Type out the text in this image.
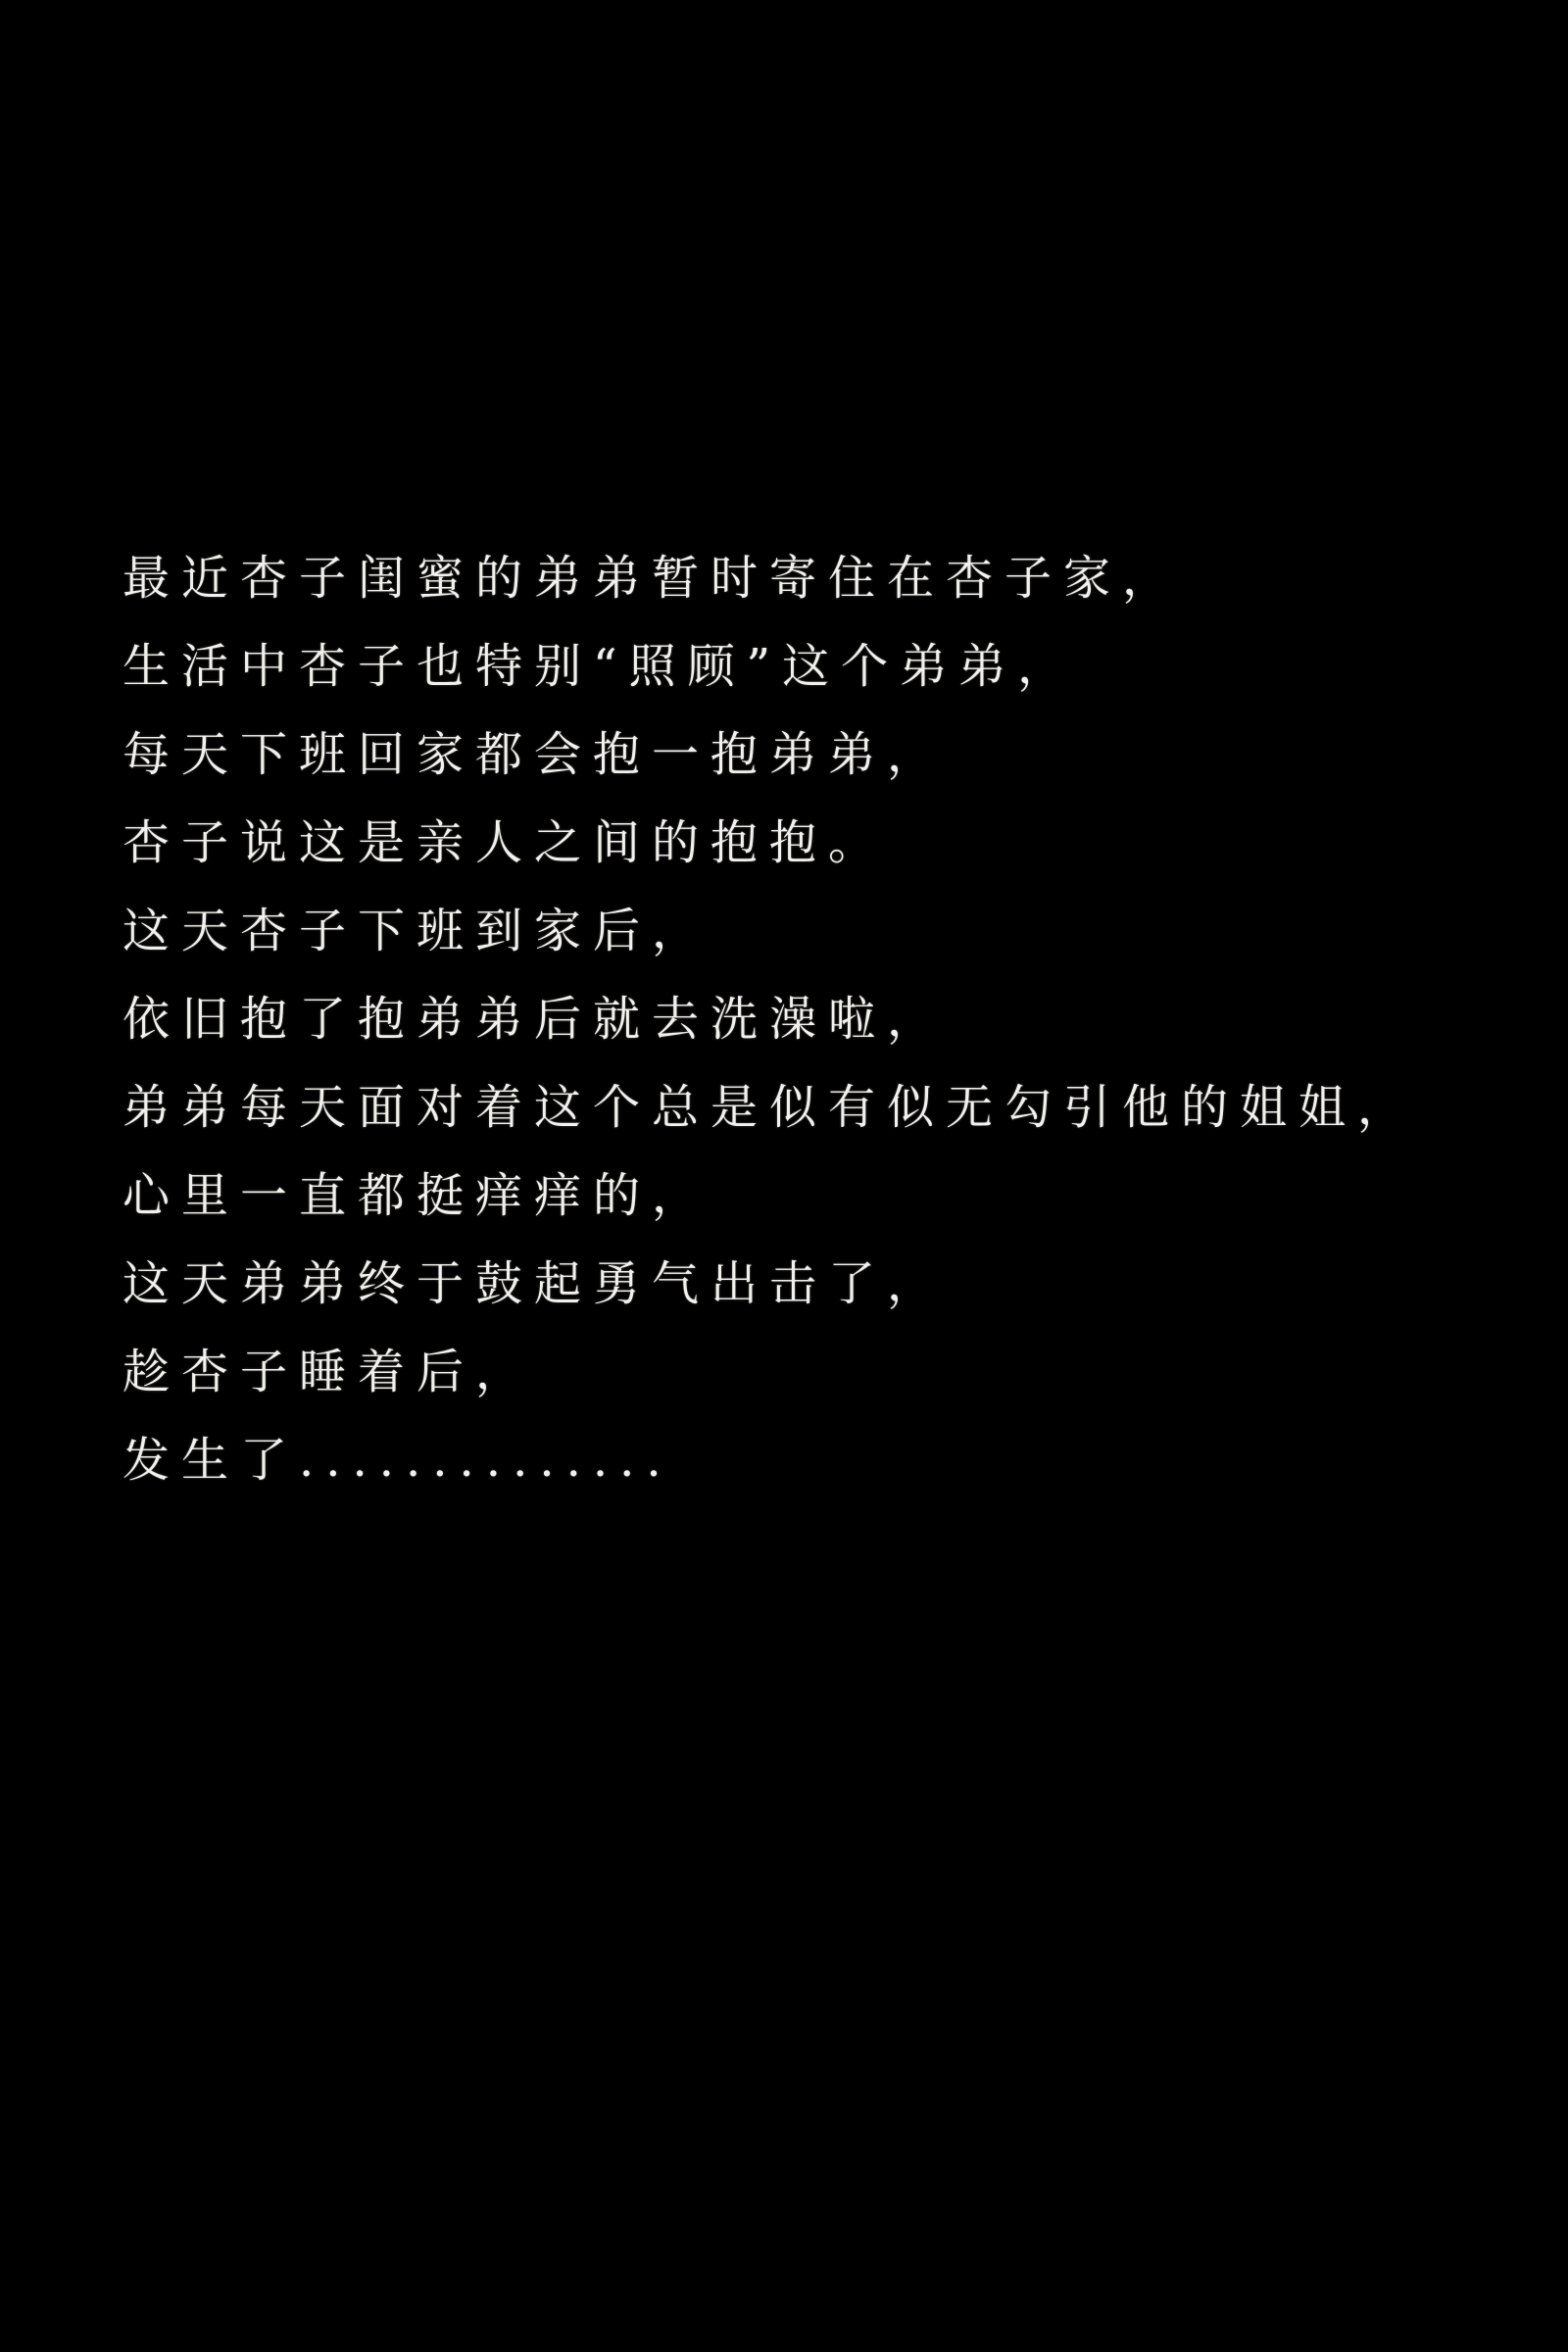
最近杏子闺蜜的弟弟暂时寄住在杏子家，

生活中杏子也特别“照顾”这个弟弟，

每天下班回家都会抱一抱弟弟，

杏子说这是亲人之间的抱抱。

这天杏子下班到家后，

依旧抱了抱弟弟后就去洗澡啦，

弟弟每天面对着这个总是似有似无勾引他的姐姐，

心里一直都挺痒痒的，

这天弟弟终于鼓起勇气出击了，

趁杏子睡着后，

发生了..............
